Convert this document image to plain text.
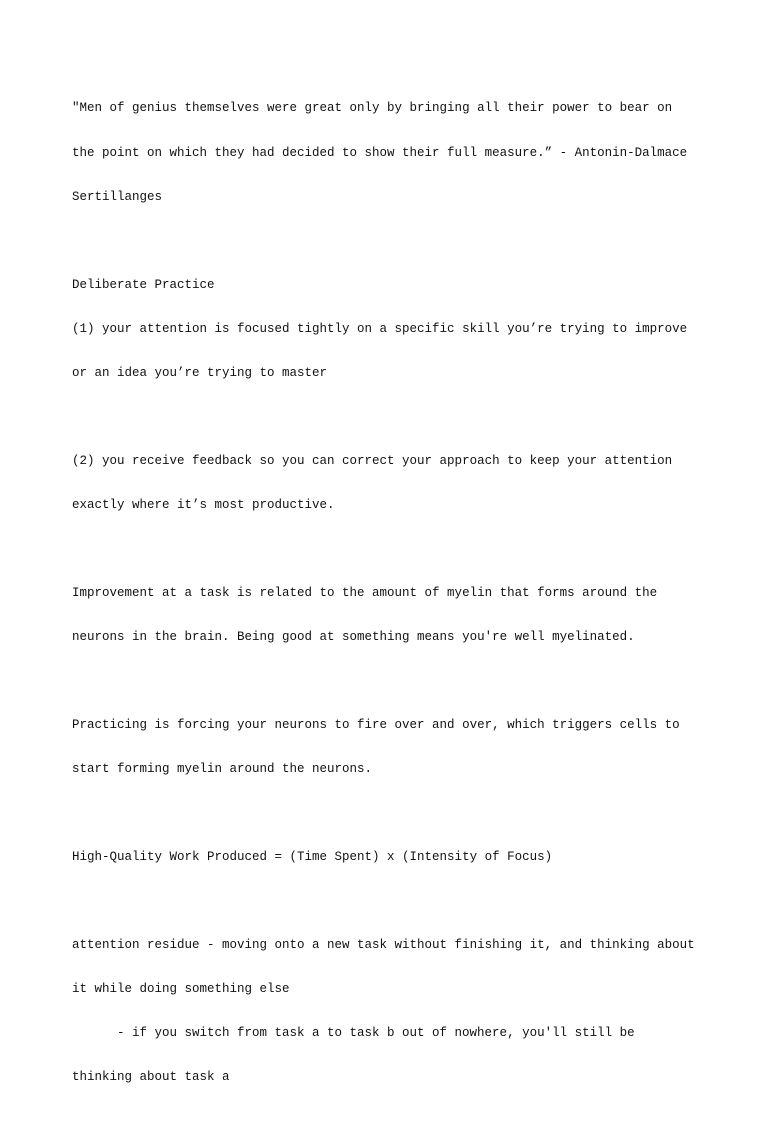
"Men of genius themselves were great only by bringing all their power to bear on

the point on which they had decided to show their full measure.” - Antonin-Dalmace

Sertillanges

Deliberate Practice

(1) your attention is focused tightly on a specific skill you’re trying to improve

or an idea you’re trying to master

(2) you receive feedback so you can correct your approach to keep your attention

exactly where it’s most productive.

Improvement at a task is related to the amount of myelin that forms around the

neurons in the brain. Being good at something means you're well myelinated.

Practicing is forcing your neurons to fire over and over, which triggers cells to

start forming myelin around the neurons.

High-Quality Work Produced = (Time Spent) x (Intensity of Focus)

attention residue - moving onto a new task without finishing it, and thinking about

it while doing something else

- if you switch from task a to task b out of nowhere, you'll still be

thinking about task a
